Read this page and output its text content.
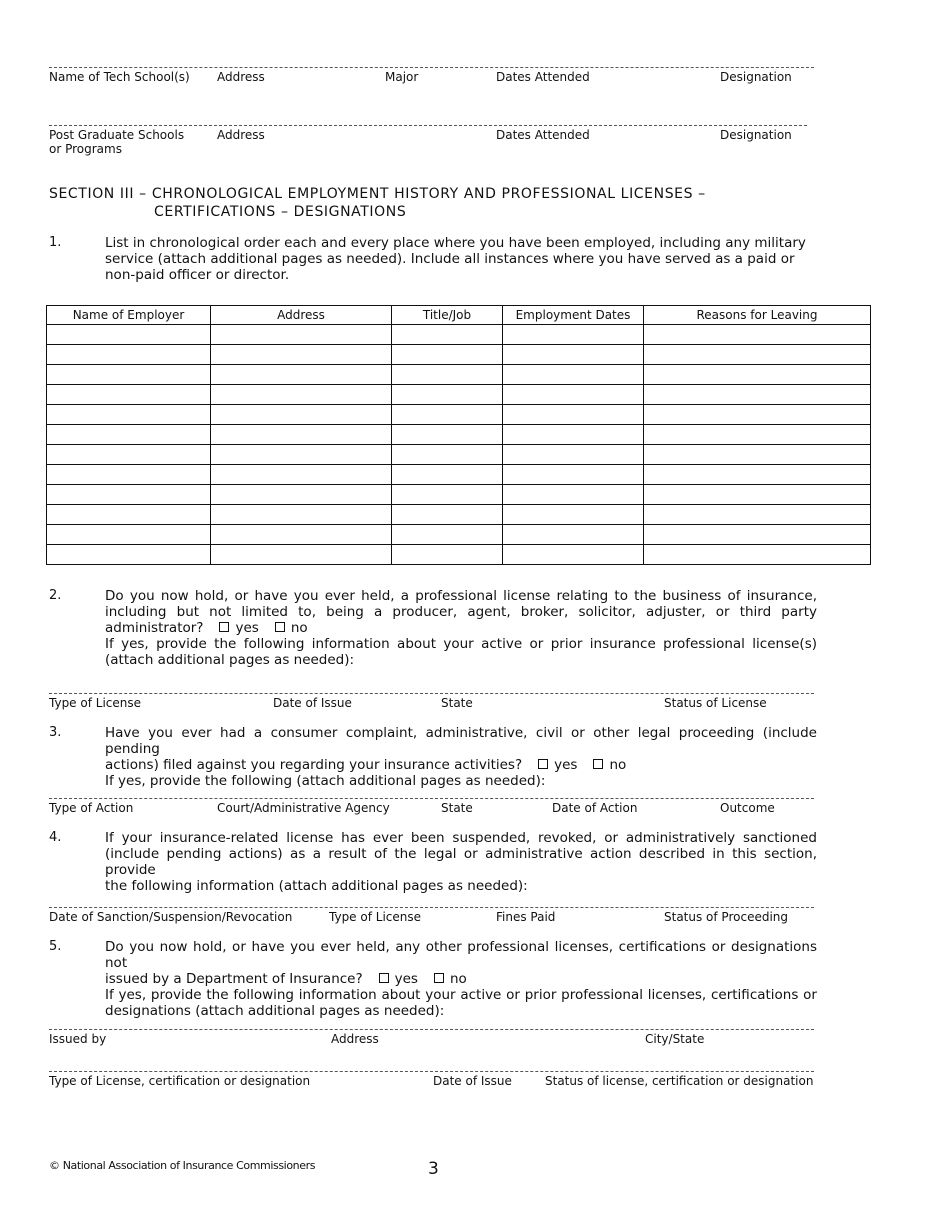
Name of Tech School(s) Address	Major	Dates Attended	Designation
Post Graduate Schools
or Programs
Address	Dates Attended	Designation
SECTION III – CHRONOLOGICAL EMPLOYMENT HISTORY AND PROFESSIONAL LICENSES –
CERTIFICATIONS – DESIGNATIONS
1.	List in chronological order each and every place where you have been employed, including any military
service (attach additional pages as needed). Include all instances where you have served as a paid or
non-paid officer or director.
Name of Employer	Address	Title/Job	Employment Dates	Reasons for Leaving

2.	Do you now hold, or have you ever held, a professional license relating to the business of insurance,
including but not limited to, being a producer, agent, broker, solicitor, adjuster, or third party
administrator? yes no
If yes, provide the following information about your active or prior insurance professional license(s)
(attach additional pages as needed):
Type of License	Date of Issue	State	Status of License
3.	Have you ever had a consumer complaint, administrative, civil or other legal proceeding (include pending
actions) filed against you regarding your insurance activities? yes no
If yes, provide the following (attach additional pages as needed):
Type of Action	Court/Administrative Agency	State	Date of Action	Outcome
4.	If your insurance-related license has ever been suspended, revoked, or administratively sanctioned
(include pending actions) as a result of the legal or administrative action described in this section, provide
the following information (attach additional pages as needed):
Date of Sanction/Suspension/Revocation	Type of License	Fines Paid	Status of Proceeding
5.	Do you now hold, or have you ever held, any other professional licenses, certifications or designations not
issued by a Department of Insurance? yes no
If yes, provide the following information about your active or prior professional licenses, certifications or
designations (attach additional pages as needed):
Issued by	Address	City/State
Type of License, certification or designation	Date of Issue	Status of license, certification or designation
© National Association of Insurance Commissioners	3
